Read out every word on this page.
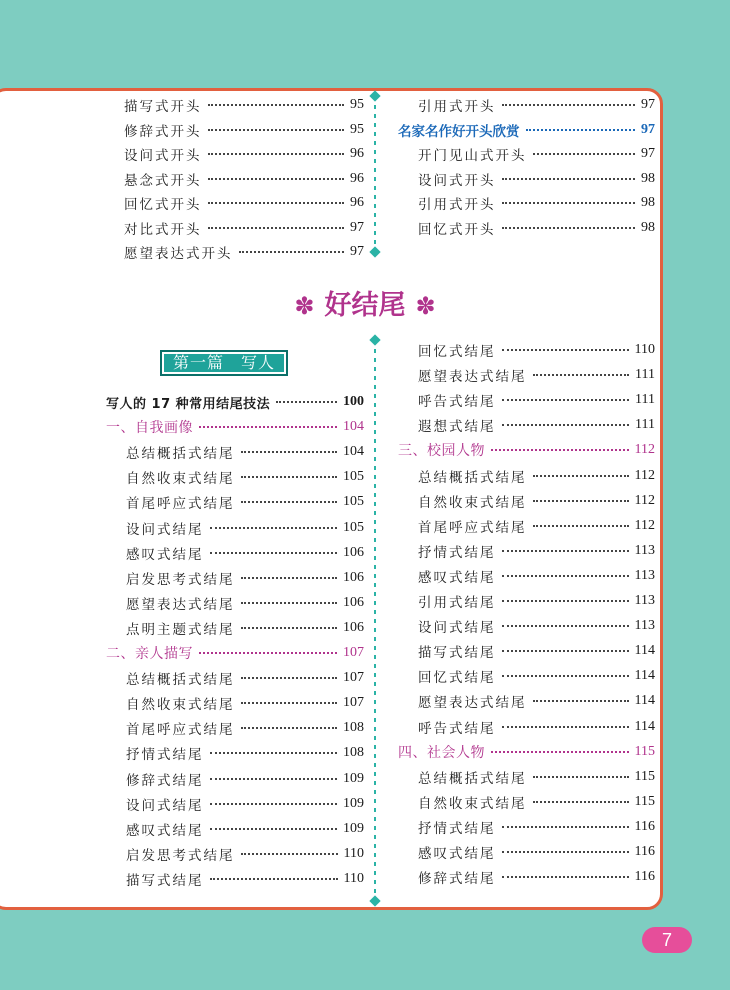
描写式开头	95
修辞式开头	95
设问式开头	96
悬念式开头	96
回忆式开头	96
对比式开头	97
愿望表达式开头	97
引用式开头	97
名家名作好开头欣赏	97
开门见山式开头	97
设问式开头	98
引用式开头	98
回忆式开头	98
✽ 好结尾 ✽
第一篇　写人
写人的 17 种常用结尾技法	100
一、自我画像	104
总结概括式结尾	104
自然收束式结尾	105
首尾呼应式结尾	105
设问式结尾	105
感叹式结尾	106
启发思考式结尾	106
愿望表达式结尾	106
点明主题式结尾	106
二、亲人描写	107
总结概括式结尾	107
自然收束式结尾	107
首尾呼应式结尾	108
抒情式结尾	108
修辞式结尾	109
设问式结尾	109
感叹式结尾	109
启发思考式结尾	110
描写式结尾	110
回忆式结尾	110
愿望表达式结尾	111
呼告式结尾	111
遐想式结尾	111
三、校园人物	112
总结概括式结尾	112
自然收束式结尾	112
首尾呼应式结尾	112
抒情式结尾	113
感叹式结尾	113
引用式结尾	113
设问式结尾	113
描写式结尾	114
回忆式结尾	114
愿望表达式结尾	114
呼告式结尾	114
四、社会人物	115
总结概括式结尾	115
自然收束式结尾	115
抒情式结尾	116
感叹式结尾	116
修辞式结尾	116
7
